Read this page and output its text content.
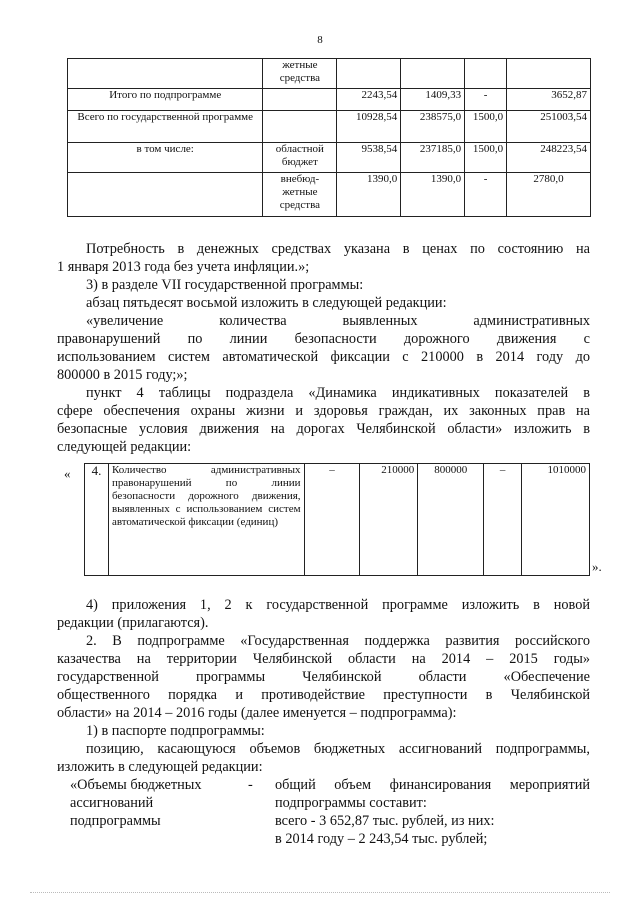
8
	жетные средства				
Итого по подпрограмме		2243,54	1409,33	-	3652,87
Всего по государственной программе		10928,54	238575,0	1500,0	251003,54
в том числе:	областной бюджет	9538,54	237185,0	1500,0	248223,54
	внебюд-жетные средства	1390,0	1390,0	-	2780,0
Потребность в денежных средствах указана в ценах по состоянию на
1 января 2013 года без учета инфляции.»;
3) в разделе VII государственной программы:
абзац пятьдесят восьмой изложить в следующей редакции:
«увеличение количества выявленных административных
правонарушений по линии безопасности дорожного движения с
использованием систем автоматической фиксации с 210000 в 2014 году до
800000 в 2015 году;»;
пункт 4 таблицы подраздела «Динамика индикативных показателей в
сфере обеспечения охраны жизни и здоровья граждан, их законных прав на
безопасные условия движения на дорогах Челябинской области» изложить в
следующей редакции:
« 4.	Количество административных правонарушений по линии безопасности дорожного движения, выявленных с использованием систем автоматической фиксации (единиц)	–	210000	800000	–	1010000
».
4) приложения 1, 2 к государственной программе изложить в новой
редакции (прилагаются).
2. В подпрограмме «Государственная поддержка развития российского
казачества на территории Челябинской области на 2014 – 2015 годы»
государственной программы Челябинской области «Обеспечение
общественного порядка и противодействие преступности в Челябинской
области» на 2014 – 2016 годы (далее именуется – подпрограмма):
1) в паспорте подпрограммы:
позицию, касающуюся объемов бюджетных ассигнований подпрограммы,
изложить в следующей редакции:
«Объемы бюджетных	-
ассигнований
подпрограммы
общий объем финансирования мероприятий
подпрограммы составит:
всего - 3 652,87 тыс. рублей, из них:
в 2014 году – 2 243,54 тыс. рублей;
